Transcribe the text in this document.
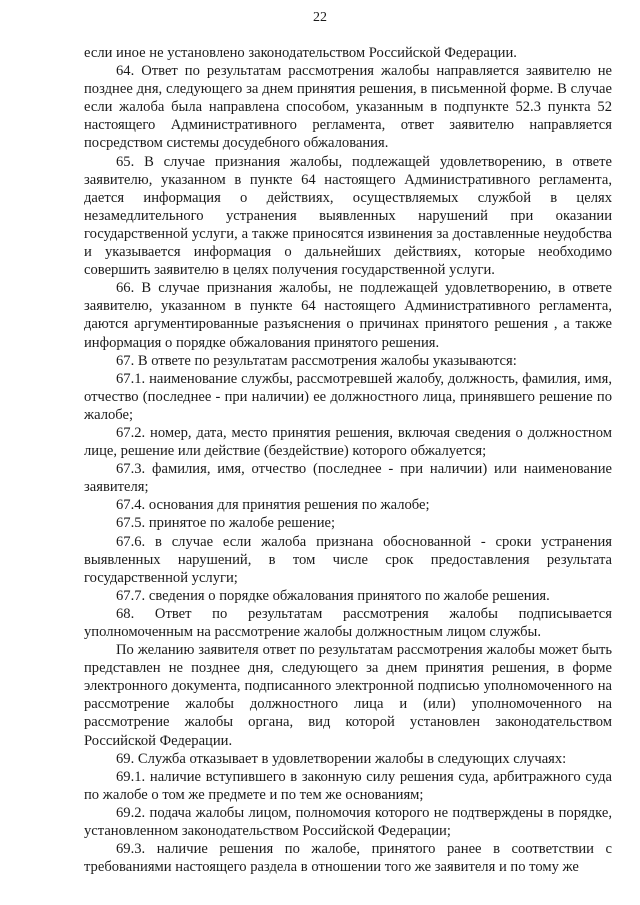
22

если иное не установлено законодательством Российской Федерации.

64. Ответ по результатам рассмотрения жалобы направляется заявителю не позднее дня, следующего за днем принятия решения, в письменной форме. В случае если жалоба была направлена способом, указанным в подпункте 52.3 пункта 52 настоящего Административного регламента, ответ заявителю направляется посредством системы досудебного обжалования.

65. В случае признания жалобы, подлежащей удовлетворению, в ответе заявителю, указанном в пункте 64 настоящего Административного регламента, дается информация о действиях, осуществляемых службой в целях незамедлительного устранения выявленных нарушений при оказании государственной услуги, а также приносятся извинения за доставленные неудобства и указывается информация о дальнейших действиях, которые необходимо совершить заявителю в целях получения государственной услуги.

66. В случае признания жалобы, не подлежащей удовлетворению, в ответе заявителю, указанном в пункте 64 настоящего Административного регламента, даются аргументированные разъяснения о причинах принятого решения , а также информация о порядке обжалования принятого решения.

67. В ответе по результатам рассмотрения жалобы указываются:

67.1. наименование службы, рассмотревшей жалобу, должность, фамилия, имя, отчество (последнее - при наличии) ее должностного лица, принявшего решение по жалобе;

67.2. номер, дата, место принятия решения, включая сведения о должностном лице, решение или действие (бездействие) которого обжалуется;

67.3. фамилия, имя, отчество (последнее - при наличии) или наименование заявителя;

67.4. основания для принятия решения по жалобе;

67.5. принятое по жалобе решение;

67.6. в случае если жалоба признана обоснованной - сроки устранения выявленных нарушений, в том числе срок предоставления результата государственной услуги;

67.7. сведения о порядке обжалования принятого по жалобе решения.

68. Ответ по результатам рассмотрения жалобы подписывается уполномоченным на рассмотрение жалобы должностным лицом службы.

По желанию заявителя ответ по результатам рассмотрения жалобы может быть представлен не позднее дня, следующего за днем принятия решения, в форме электронного документа, подписанного электронной подписью уполномоченного на рассмотрение жалобы должностного лица и (или) уполномоченного на рассмотрение жалобы органа, вид которой установлен законодательством Российской Федерации.

69. Служба отказывает в удовлетворении жалобы в следующих случаях:

69.1. наличие вступившего в законную силу решения суда, арбитражного суда по жалобе о том же предмете и по тем же основаниям;

69.2. подача жалобы лицом, полномочия которого не подтверждены в порядке, установленном законодательством Российской Федерации;

69.3. наличие решения по жалобе, принятого ранее в соответствии с требованиями настоящего раздела в отношении того же заявителя и по тому же
